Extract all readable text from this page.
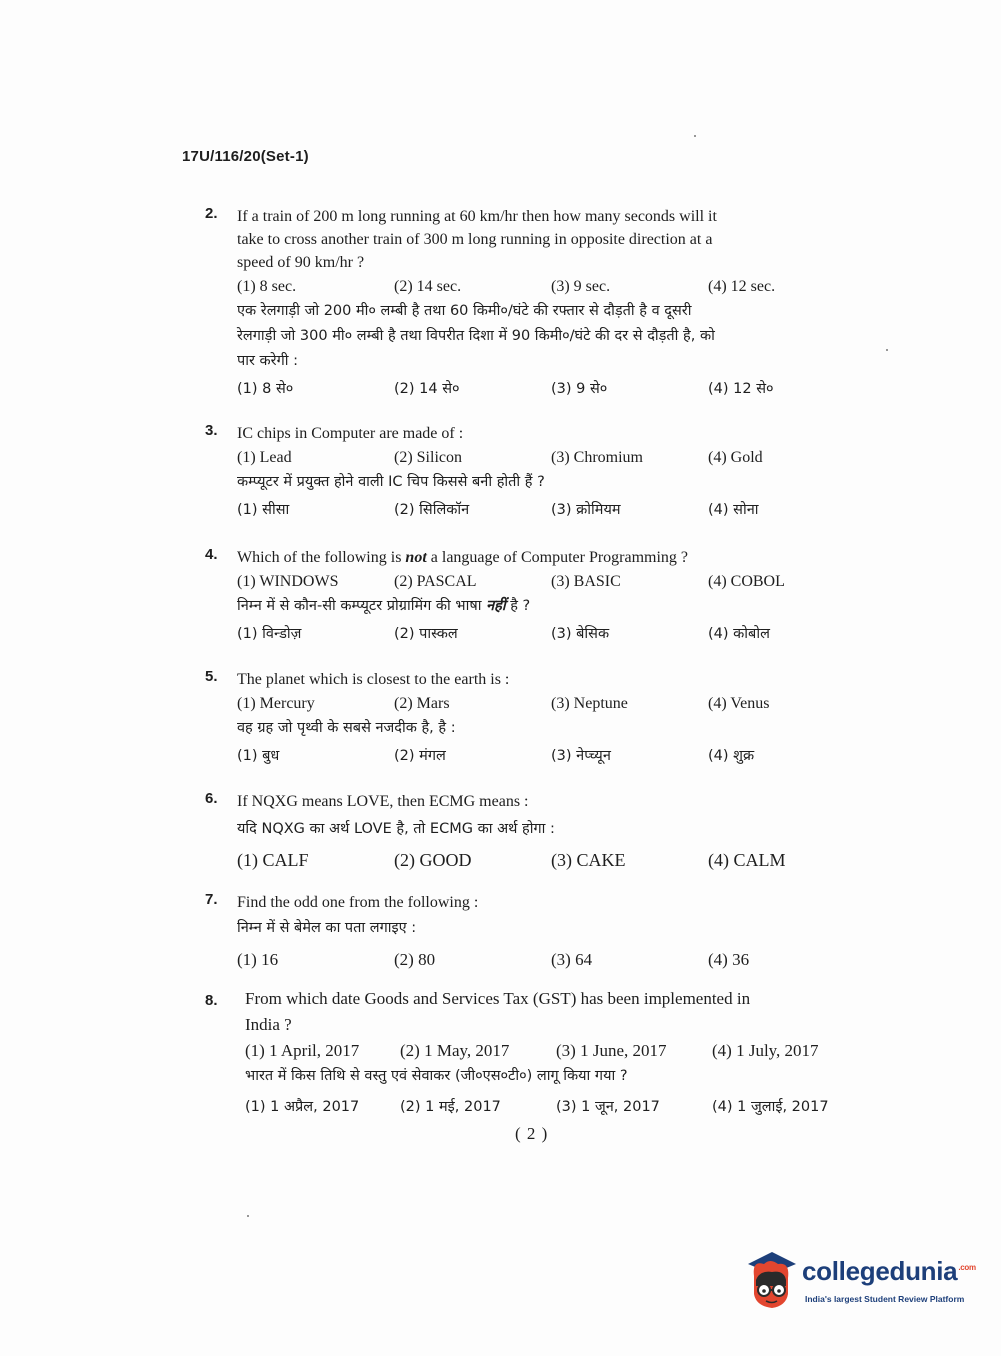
17U/116/20(Set-1)
2.	If a train of 200 m long running at 60 km/hr then how many seconds will it

take to cross another train of 300 m long running in opposite direction at a

speed of 90 km/hr ?

(1) 8 sec.	(2) 14 sec.	(3) 9 sec.	(4) 12 sec.

एक रेलगाड़ी जो 200 मी० लम्बी है तथा 60 किमी०/घंटे की रफ्तार से दौड़ती है व दूसरी

रेलगाड़ी जो 300 मी० लम्बी है तथा विपरीत दिशा में 90 किमी०/घंटे की दर से दौड़ती है, को

पार करेगी :

(1) 8 से०	(2) 14 से०	(3) 9 से०	(4) 12 से०
3.	IC chips in Computer are made of :

(1) Lead	(2) Silicon	(3) Chromium	(4) Gold

कम्प्यूटर में प्रयुक्त होने वाली IC चिप किससे बनी होती हैं ?

(1) सीसा	(2) सिलिकॉन	(3) क्रोमियम	(4) सोना
4.	Which of the following is not a language of Computer Programming ?

(1) WINDOWS	(2) PASCAL	(3) BASIC	(4) COBOL

निम्न में से कौन-सी कम्प्यूटर प्रोग्रामिंग की भाषा नहीं है ?

(1) विन्डोज़	(2) पास्कल	(3) बेसिक	(4) कोबोल
5.	The planet which is closest to the earth is :

(1) Mercury	(2) Mars	(3) Neptune	(4) Venus

वह ग्रह जो पृथ्वी के सबसे नजदीक है, है :

(1) बुध	(2) मंगल	(3) नेप्च्यून	(4) शुक्र
6.	If NQXG means LOVE, then ECMG means :

यदि NQXG का अर्थ LOVE है, तो ECMG का अर्थ होगा :

(1) CALF	(2) GOOD	(3) CAKE	(4) CALM
7.	Find the odd one from the following :

निम्न में से बेमेल का पता लगाइए :

(1) 16	(2) 80	(3) 64	(4) 36
8.	From which date Goods and Services Tax (GST) has been implemented in

India ?

(1) 1 April, 2017	(2) 1 May, 2017	(3) 1 June, 2017	(4) 1 July, 2017

भारत में किस तिथि से वस्तु एवं सेवाकर (जी०एस०टी०) लागू किया गया ?

(1) 1 अप्रैल, 2017	(2) 1 मई, 2017	(3) 1 जून, 2017	(4) 1 जुलाई, 2017
( 2 )
collegedunia$^{.com}$
India's largest Student Review Platform
